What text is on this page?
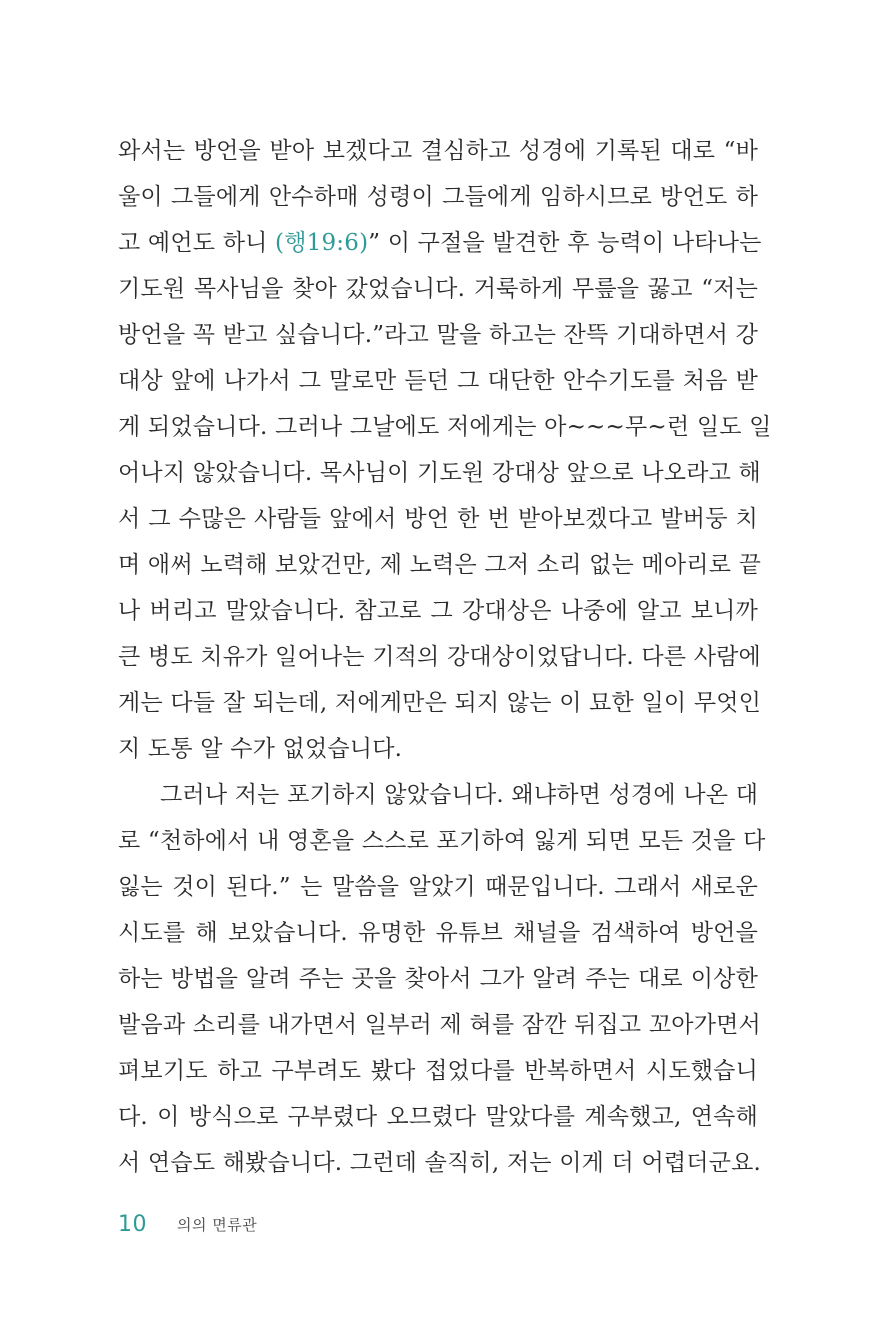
와서는 방언을 받아 보겠다고 결심하고 성경에 기록된 대로 “바
울이 그들에게 안수하매 성령이 그들에게 임하시므로 방언도 하
고 예언도 하니 (행19:6)” 이 구절을 발견한 후 능력이 나타나는
기도원 목사님을 찾아 갔었습니다. 거룩하게 무릎을 꿇고 “저는
방언을 꼭 받고 싶습니다.”라고 말을 하고는 잔뜩 기대하면서 강
대상 앞에 나가서 그 말로만 듣던 그 대단한 안수기도를 처음 받
게 되었습니다. 그러나 그날에도 저에게는 아~~~무~런 일도 일
어나지 않았습니다. 목사님이 기도원 강대상 앞으로 나오라고 해
서 그 수많은 사람들 앞에서 방언 한 번 받아보겠다고 발버둥 치
며 애써 노력해 보았건만, 제 노력은 그저 소리 없는 메아리로 끝
나 버리고 말았습니다. 참고로 그 강대상은 나중에 알고 보니까
큰 병도 치유가 일어나는 기적의 강대상이었답니다. 다른 사람에
게는 다들 잘 되는데, 저에게만은 되지 않는 이 묘한 일이 무엇인
지 도통 알 수가 없었습니다.
그러나 저는 포기하지 않았습니다. 왜냐하면 성경에 나온 대
로 “천하에서 내 영혼을 스스로 포기하여 잃게 되면 모든 것을 다
잃는 것이 된다.” 는 말씀을 알았기 때문입니다. 그래서 새로운
시도를 해 보았습니다. 유명한 유튜브 채널을 검색하여 방언을
하는 방법을 알려 주는 곳을 찾아서 그가 알려 주는 대로 이상한
발음과 소리를 내가면서 일부러 제 혀를 잠깐 뒤집고 꼬아가면서
펴보기도 하고 구부려도 봤다 접었다를 반복하면서 시도했습니
다. 이 방식으로 구부렸다 오므렸다 말았다를 계속했고, 연속해
서 연습도 해봤습니다. 그런데 솔직히, 저는 이게 더 어렵더군요.
10 의의 면류관
